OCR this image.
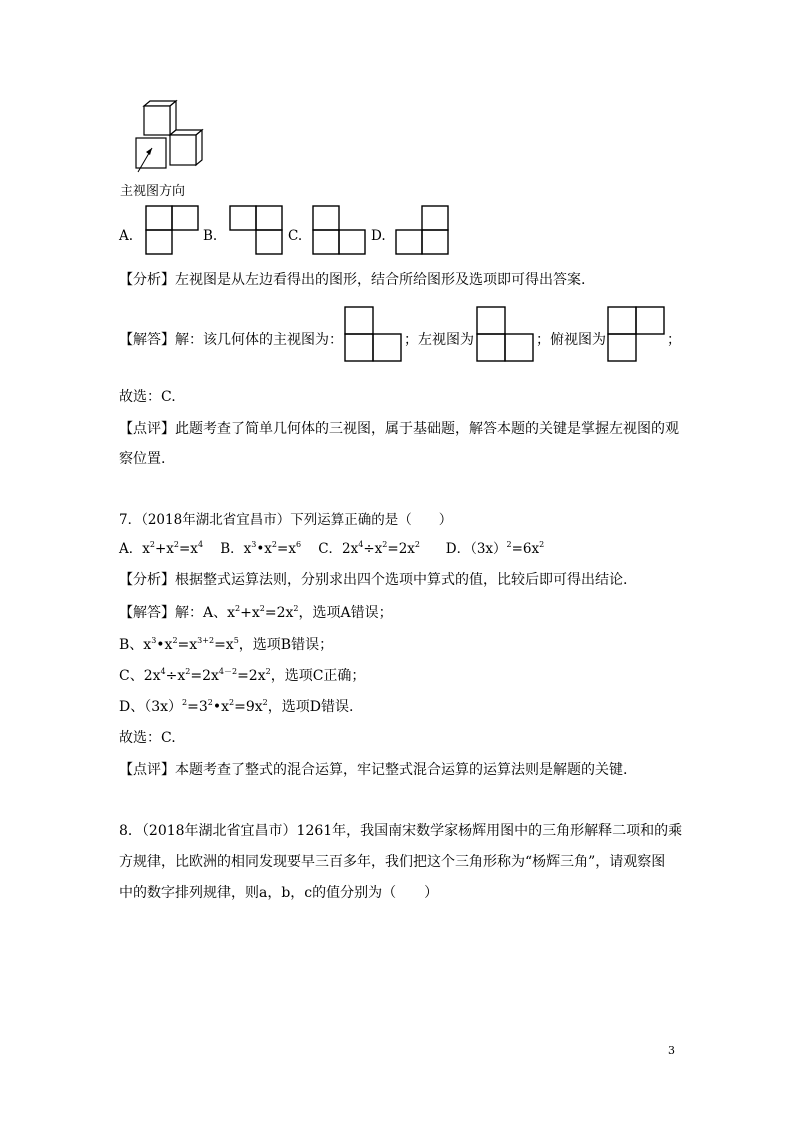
主视图方向
A.	B.	C.	D.
【分析】左视图是从左边看得出的图形，结合所给图形及选项即可得出答案.
【解答】解：该几何体的主视图为：	；左视图为	；俯视图为	；
故选：C.
【点评】此题考查了简单几何体的三视图，属于基础题，解答本题的关键是掌握左视图的观
察位置.
7．（2018年湖北省宜昌市）下列运算正确的是（　　）
A．$x^2+x^2=x^4$ B．$x^3•x^2=x^6$ C．$2x^4\div x^2=2x^2$ D．$(3x)^2=6x^2$
【分析】根据整式运算法则，分别求出四个选项中算式的值，比较后即可得出结论.
【解答】解：A、$x^2+x^2=2x^2$，选项A错误；
B、$x^3•x^2=x^{3+2}=x^5$，选项B错误；
C、$2x^4\div x^2=2x^{4-2}=2x^2$，选项C正确；
D、$(3x)^2=3^2•x^2=9x^2$，选项D错误.
故选：C.
【点评】本题考查了整式的混合运算，牢记整式混合运算的运算法则是解题的关键.
8．（2018年湖北省宜昌市）1261年，我国南宋数学家杨辉用图中的三角形解释二项和的乘
方规律，比欧洲的相同发现要早三百多年，我们把这个三角形称为“杨辉三角”，请观察图
中的数字排列规律，则a，b，c的值分别为（　　）
3
